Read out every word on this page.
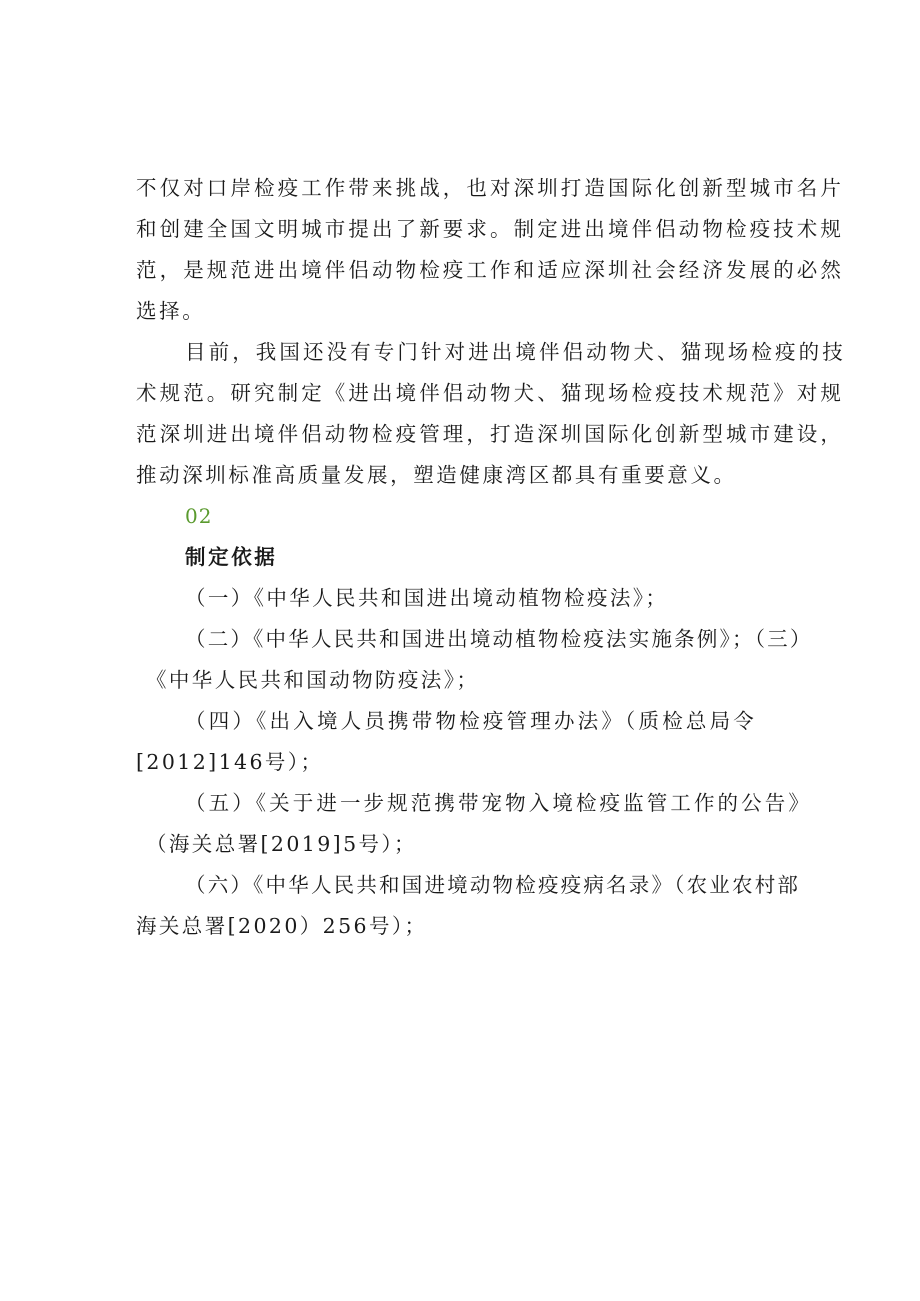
不仅对口岸检疫工作带来挑战，也对深圳打造国际化创新型城市名片
和创建全国文明城市提出了新要求。制定进出境伴侣动物检疫技术规
范，是规范进出境伴侣动物检疫工作和适应深圳社会经济发展的必然
选择。
目前，我国还没有专门针对进出境伴侣动物犬、猫现场检疫的技
术规范。研究制定《进出境伴侣动物犬、猫现场检疫技术规范》对规
范深圳进出境伴侣动物检疫管理，打造深圳国际化创新型城市建设，
推动深圳标准高质量发展，塑造健康湾区都具有重要意义。
02
制定依据
（一）《中华人民共和国进出境动植物检疫法》；
（二）《中华人民共和国进出境动植物检疫法实施条例》；（三）
《中华人民共和国动物防疫法》；
（四）《出入境人员携带物检疫管理办法》（质检总局令
[2012]146号）；
（五）《关于进一步规范携带宠物入境检疫监管工作的公告》
（海关总署[2019]5号）；
（六）《中华人民共和国进境动物检疫疫病名录》（农业农村部
海关总署[2020）256号）；
